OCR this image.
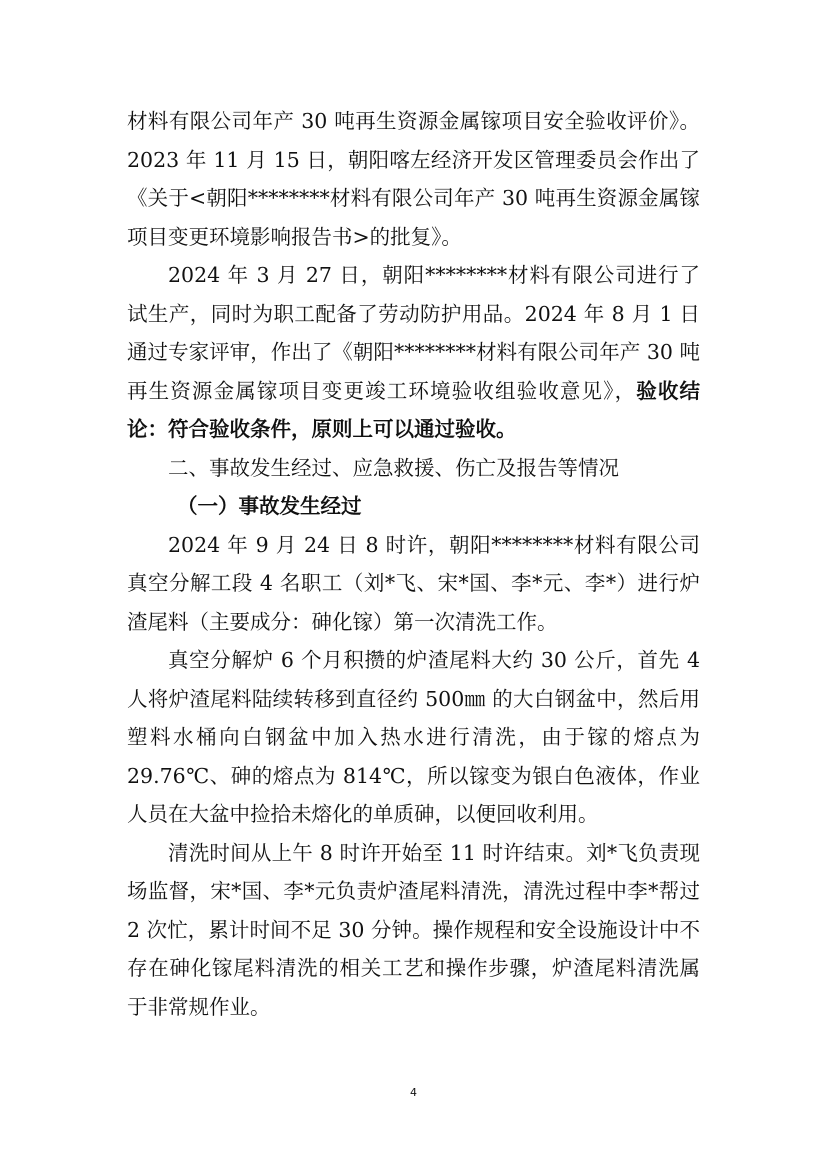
材料有限公司年产 30 吨再生资源金属镓项目安全验收评价》。2023 年 11 月 15 日，朝阳喀左经济开发区管理委员会作出了《关于<朝阳********材料有限公司年产 30 吨再生资源金属镓项目变更环境影响报告书>的批复》。

2024 年 3 月 27 日，朝阳********材料有限公司进行了试生产，同时为职工配备了劳动防护用品。2024 年 8 月 1 日通过专家评审，作出了《朝阳********材料有限公司年产 30 吨再生资源金属镓项目变更竣工环境验收组验收意见》，验收结论：符合验收条件，原则上可以通过验收。

二、事故发生经过、应急救援、伤亡及报告等情况

（一）事故发生经过

2024 年 9 月 24 日 8 时许，朝阳********材料有限公司真空分解工段 4 名职工（刘*飞、宋*国、李*元、李*）进行炉渣尾料（主要成分：砷化镓）第一次清洗工作。

真空分解炉 6 个月积攒的炉渣尾料大约 30 公斤，首先 4 人将炉渣尾料陆续转移到直径约 500㎜ 的大白钢盆中，然后用塑料水桶向白钢盆中加入热水进行清洗，由于镓的熔点为 29.76℃、砷的熔点为 814℃，所以镓变为银白色液体，作业人员在大盆中捡拾未熔化的单质砷，以便回收利用。

清洗时间从上午 8 时许开始至 11 时许结束。刘*飞负责现场监督，宋*国、李*元负责炉渣尾料清洗，清洗过程中李*帮过 2 次忙，累计时间不足 30 分钟。操作规程和安全设施设计中不存在砷化镓尾料清洗的相关工艺和操作步骤，炉渣尾料清洗属于非常规作业。

4
